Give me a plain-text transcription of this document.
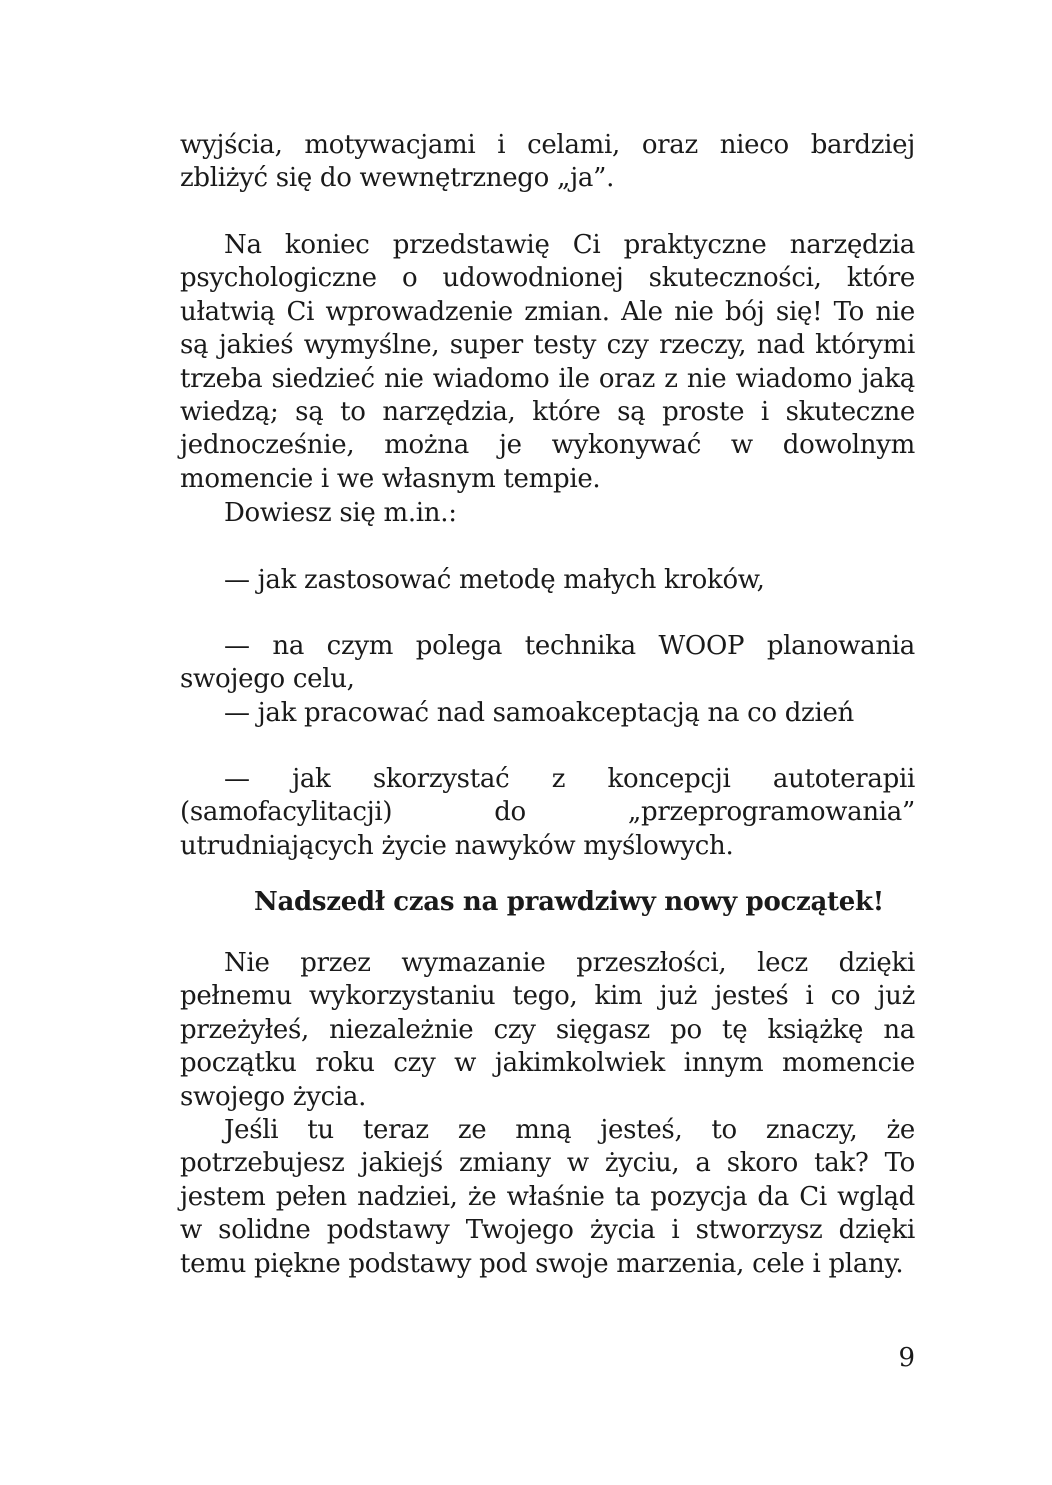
wyjścia, motywacjami i celami, oraz nieco bardziej zbliżyć się do wewnętrznego „ja”.

Na koniec przedstawię Ci praktyczne narzędzia psychologiczne o udowodnionej skuteczności, które ułatwią Ci wprowadzenie zmian. Ale nie bój się! To nie są jakieś wymyślne, super testy czy rzeczy, nad którymi trzeba siedzieć nie wiadomo ile oraz z nie wiadomo jaką wiedzą; są to narzędzia, które są proste i skuteczne jednocześnie, można je wykonywać w dowolnym momencie i we własnym tempie.

Dowiesz się m.in.:

— jak zastosować metodę małych kroków,

— na czym polega technika WOOP planowania swojego celu,

— jak pracować nad samoakceptacją na co dzień

— jak skorzystać z koncepcji autoterapii (samofacylitacji) do „przeprogramowania” utrudniających życie nawyków myślowych.

Nadszedł czas na prawdziwy nowy początek!

Nie przez wymazanie przeszłości, lecz dzięki pełnemu wykorzystaniu tego, kim już jesteś i co już przeżyłeś, niezależnie czy sięgasz po tę książkę na początku roku czy w jakimkolwiek innym momencie swojego życia.

Jeśli tu teraz ze mną jesteś, to znaczy, że potrzebujesz jakiejś zmiany w życiu, a skoro tak? To jestem pełen nadziei, że właśnie ta pozycja da Ci wgląd w solidne podstawy Twojego życia i stworzysz dzięki temu piękne podstawy pod swoje marzenia, cele i plany.

9
